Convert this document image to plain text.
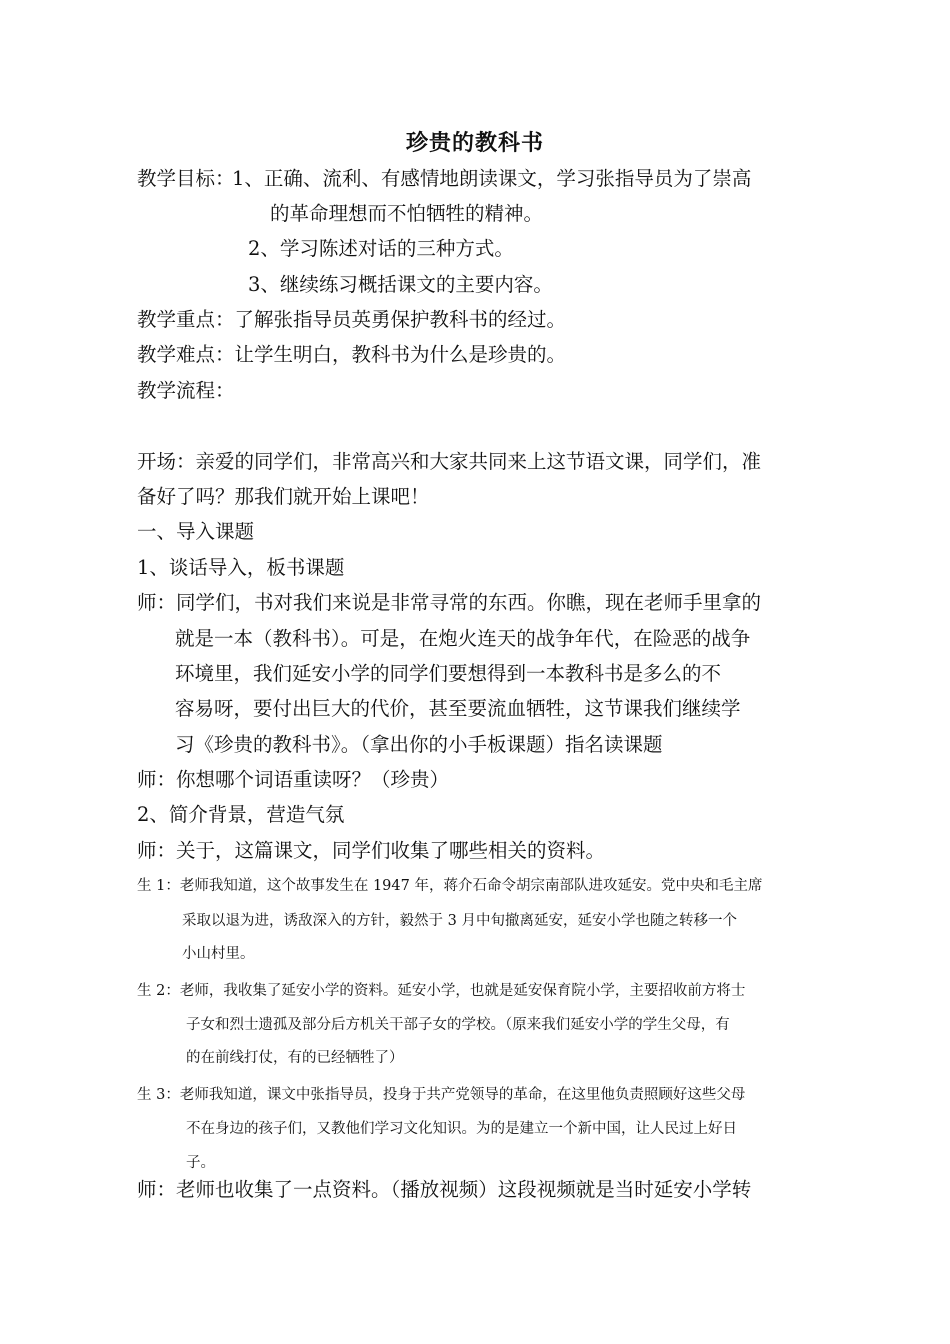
珍贵的教科书
教学目标：
1、正确、流利、有感情地朗读课文，学习张指导员为了崇高
的革命理想而不怕牺牲的精神。
2、学习陈述对话的三种方式。
3、继续练习概括课文的主要内容。
教学重点：了解张指导员英勇保护教科书的经过。
教学难点：让学生明白，教科书为什么是珍贵的。
教学流程：
开场：亲爱的同学们，非常高兴和大家共同来上这节语文课，同学们，准
备好了吗？那我们就开始上课吧！
一、导入课题
1、谈话导入，板书课题
师：同学们，书对我们来说是非常寻常的东西。你瞧，现在老师手里拿的
就是一本（教科书）。可是，在炮火连天的战争年代，在险恶的战争
环境里，我们延安小学的同学们要想得到一本教科书是多么的不
容易呀，要付出巨大的代价，甚至要流血牺牲，这节课我们继续学
习《珍贵的教科书》。（拿出你的小手板课题）指名读课题
师：你想哪个词语重读呀？（珍贵）
2、简介背景，营造气氛
师：关于，这篇课文，同学们收集了哪些相关的资料。
生 1：老师我知道，这个故事发生在 1947 年，蒋介石命令胡宗南部队进攻延安。党中央和毛主席
采取以退为进，诱敌深入的方针，毅然于 3 月中旬撤离延安，延安小学也随之转移一个
小山村里。
生 2：老师，我收集了延安小学的资料。延安小学，也就是延安保育院小学，主要招收前方将士
子女和烈士遗孤及部分后方机关干部子女的学校。（原来我们延安小学的学生父母，有
的在前线打仗，有的已经牺牲了）
生 3：老师我知道，课文中张指导员，投身于共产党领导的革命，在这里他负责照顾好这些父母
不在身边的孩子们，又教他们学习文化知识。为的是建立一个新中国，让人民过上好日
子。
师：老师也收集了一点资料。（播放视频）这段视频就是当时延安小学转
